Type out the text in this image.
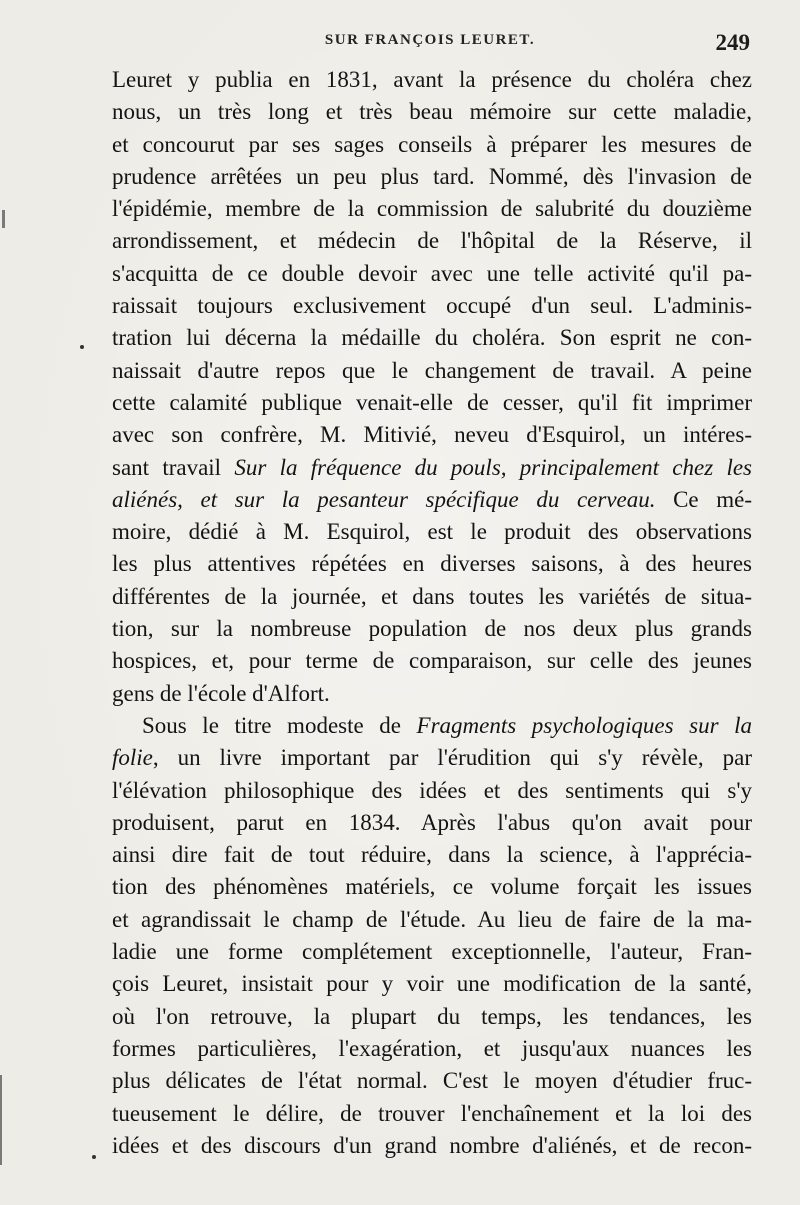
SUR FRANÇOIS LEURET.	249
Leuret y publia en 1831, avant la présence du choléra chez
nous, un très long et très beau mémoire sur cette maladie,
et concourut par ses sages conseils à préparer les mesures de
prudence arrêtées un peu plus tard. Nommé, dès l'invasion de
l'épidémie, membre de la commission de salubrité du douzième
arrondissement, et médecin de l'hôpital de la Réserve, il
s'acquitta de ce double devoir avec une telle activité qu'il pa-
raissait toujours exclusivement occupé d'un seul. L'adminis-
tration lui décerna la médaille du choléra. Son esprit ne con-
naissait d'autre repos que le changement de travail. A peine
cette calamité publique venait-elle de cesser, qu'il fit imprimer
avec son confrère, M. Mitivié, neveu d'Esquirol, un intéres-
sant travail Sur la fréquence du pouls, principalement chez les
aliénés, et sur la pesanteur spécifique du cerveau. Ce mé-
moire, dédié à M. Esquirol, est le produit des observations
les plus attentives répétées en diverses saisons, à des heures
différentes de la journée, et dans toutes les variétés de situa-
tion, sur la nombreuse population de nos deux plus grands
hospices, et, pour terme de comparaison, sur celle des jeunes
gens de l'école d'Alfort.
Sous le titre modeste de Fragments psychologiques sur la
folie, un livre important par l'érudition qui s'y révèle, par
l'élévation philosophique des idées et des sentiments qui s'y
produisent, parut en 1834. Après l'abus qu'on avait pour
ainsi dire fait de tout réduire, dans la science, à l'apprécia-
tion des phénomènes matériels, ce volume forçait les issues
et agrandissait le champ de l'étude. Au lieu de faire de la ma-
ladie une forme complétement exceptionnelle, l'auteur, Fran-
çois Leuret, insistait pour y voir une modification de la santé,
où l'on retrouve, la plupart du temps, les tendances, les
formes particulières, l'exagération, et jusqu'aux nuances les
plus délicates de l'état normal. C'est le moyen d'étudier fruc-
tueusement le délire, de trouver l'enchaînement et la loi des
idées et des discours d'un grand nombre d'aliénés, et de recon-
